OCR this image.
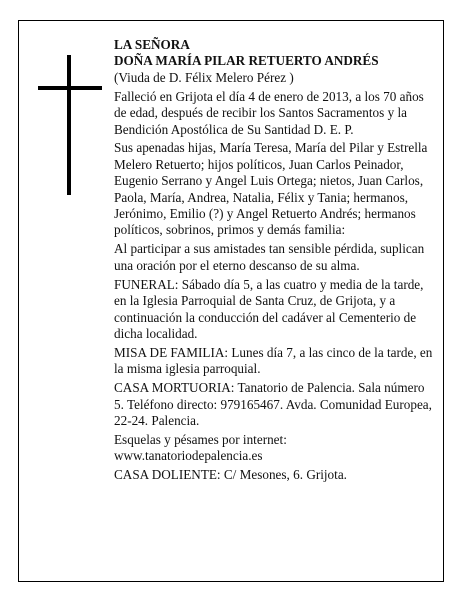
LA SEÑORA

DOÑA MARÍA PILAR RETUERTO ANDRÉS

(Viuda de D. Félix Melero Pérez )

Falleció en Grijota el día 4 de enero de 2013, a los 70 años de edad, después de recibir los Santos Sacramentos y la Bendición Apostólica de Su Santidad D. E. P.

Sus apenadas hijas, María Teresa, María del Pilar y Estrella Melero Retuerto; hijos políticos, Juan Carlos Peinador, Eugenio Serrano y Angel Luis Ortega; nietos, Juan Carlos, Paola, María, Andrea, Natalia, Félix y Tania; hermanos, Jerónimo, Emilio (?) y Angel Retuerto Andrés; hermanos políticos, sobrinos, primos y demás familia:

Al participar a sus amistades tan sensible pérdida, suplican una oración por el eterno descanso de su alma.

FUNERAL: Sábado día 5, a las cuatro y media de la tarde, en la Iglesia Parroquial de Santa Cruz, de Grijota, y a continuación la conducción del cadáver al Cementerio de dicha localidad.

MISA DE FAMILIA: Lunes día 7, a las cinco de la tarde, en la misma iglesia parroquial.

CASA MORTUORIA: Tanatorio de Palencia. Sala número 5. Teléfono directo: 979165467. Avda. Comunidad Europea, 22-24. Palencia.

Esquelas y pésames por internet: www.tanatoriodepalencia.es

CASA DOLIENTE: C/ Mesones, 6. Grijota.
